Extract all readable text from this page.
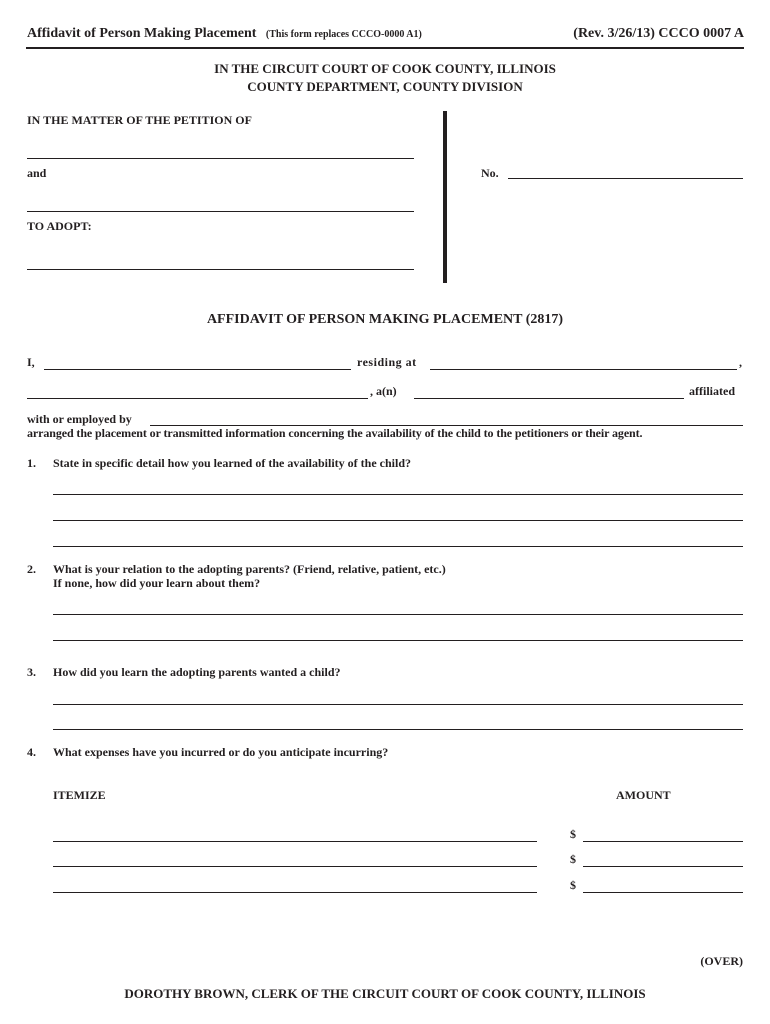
Affidavit of Person Making Placement (This form replaces CCCO-0000 A1)	(Rev. 3/26/13) CCCO 0007 A
IN THE CIRCUIT COURT OF COOK COUNTY, ILLINOIS
COUNTY DEPARTMENT, COUNTY DIVISION
IN THE MATTER OF THE PETITION OF
and
TO ADOPT:
No.
AFFIDAVIT OF PERSON MAKING PLACEMENT (2817)
I,	residing at	,
, a(n)	affiliated
with or employed by
arranged the placement or transmitted information concerning the availability of the child to the petitioners or their agent.
1. State in specific detail how you learned of the availability of the child?
2. What is your relation to the adopting parents? (Friend, relative, patient, etc.)
If none, how did your learn about them?
3. How did you learn the adopting parents wanted a child?
4. What expenses have you incurred or do you anticipate incurring?
ITEMIZE	AMOUNT
$
$
$
(OVER)
DOROTHY BROWN, CLERK OF THE CIRCUIT COURT OF COOK COUNTY, ILLINOIS
